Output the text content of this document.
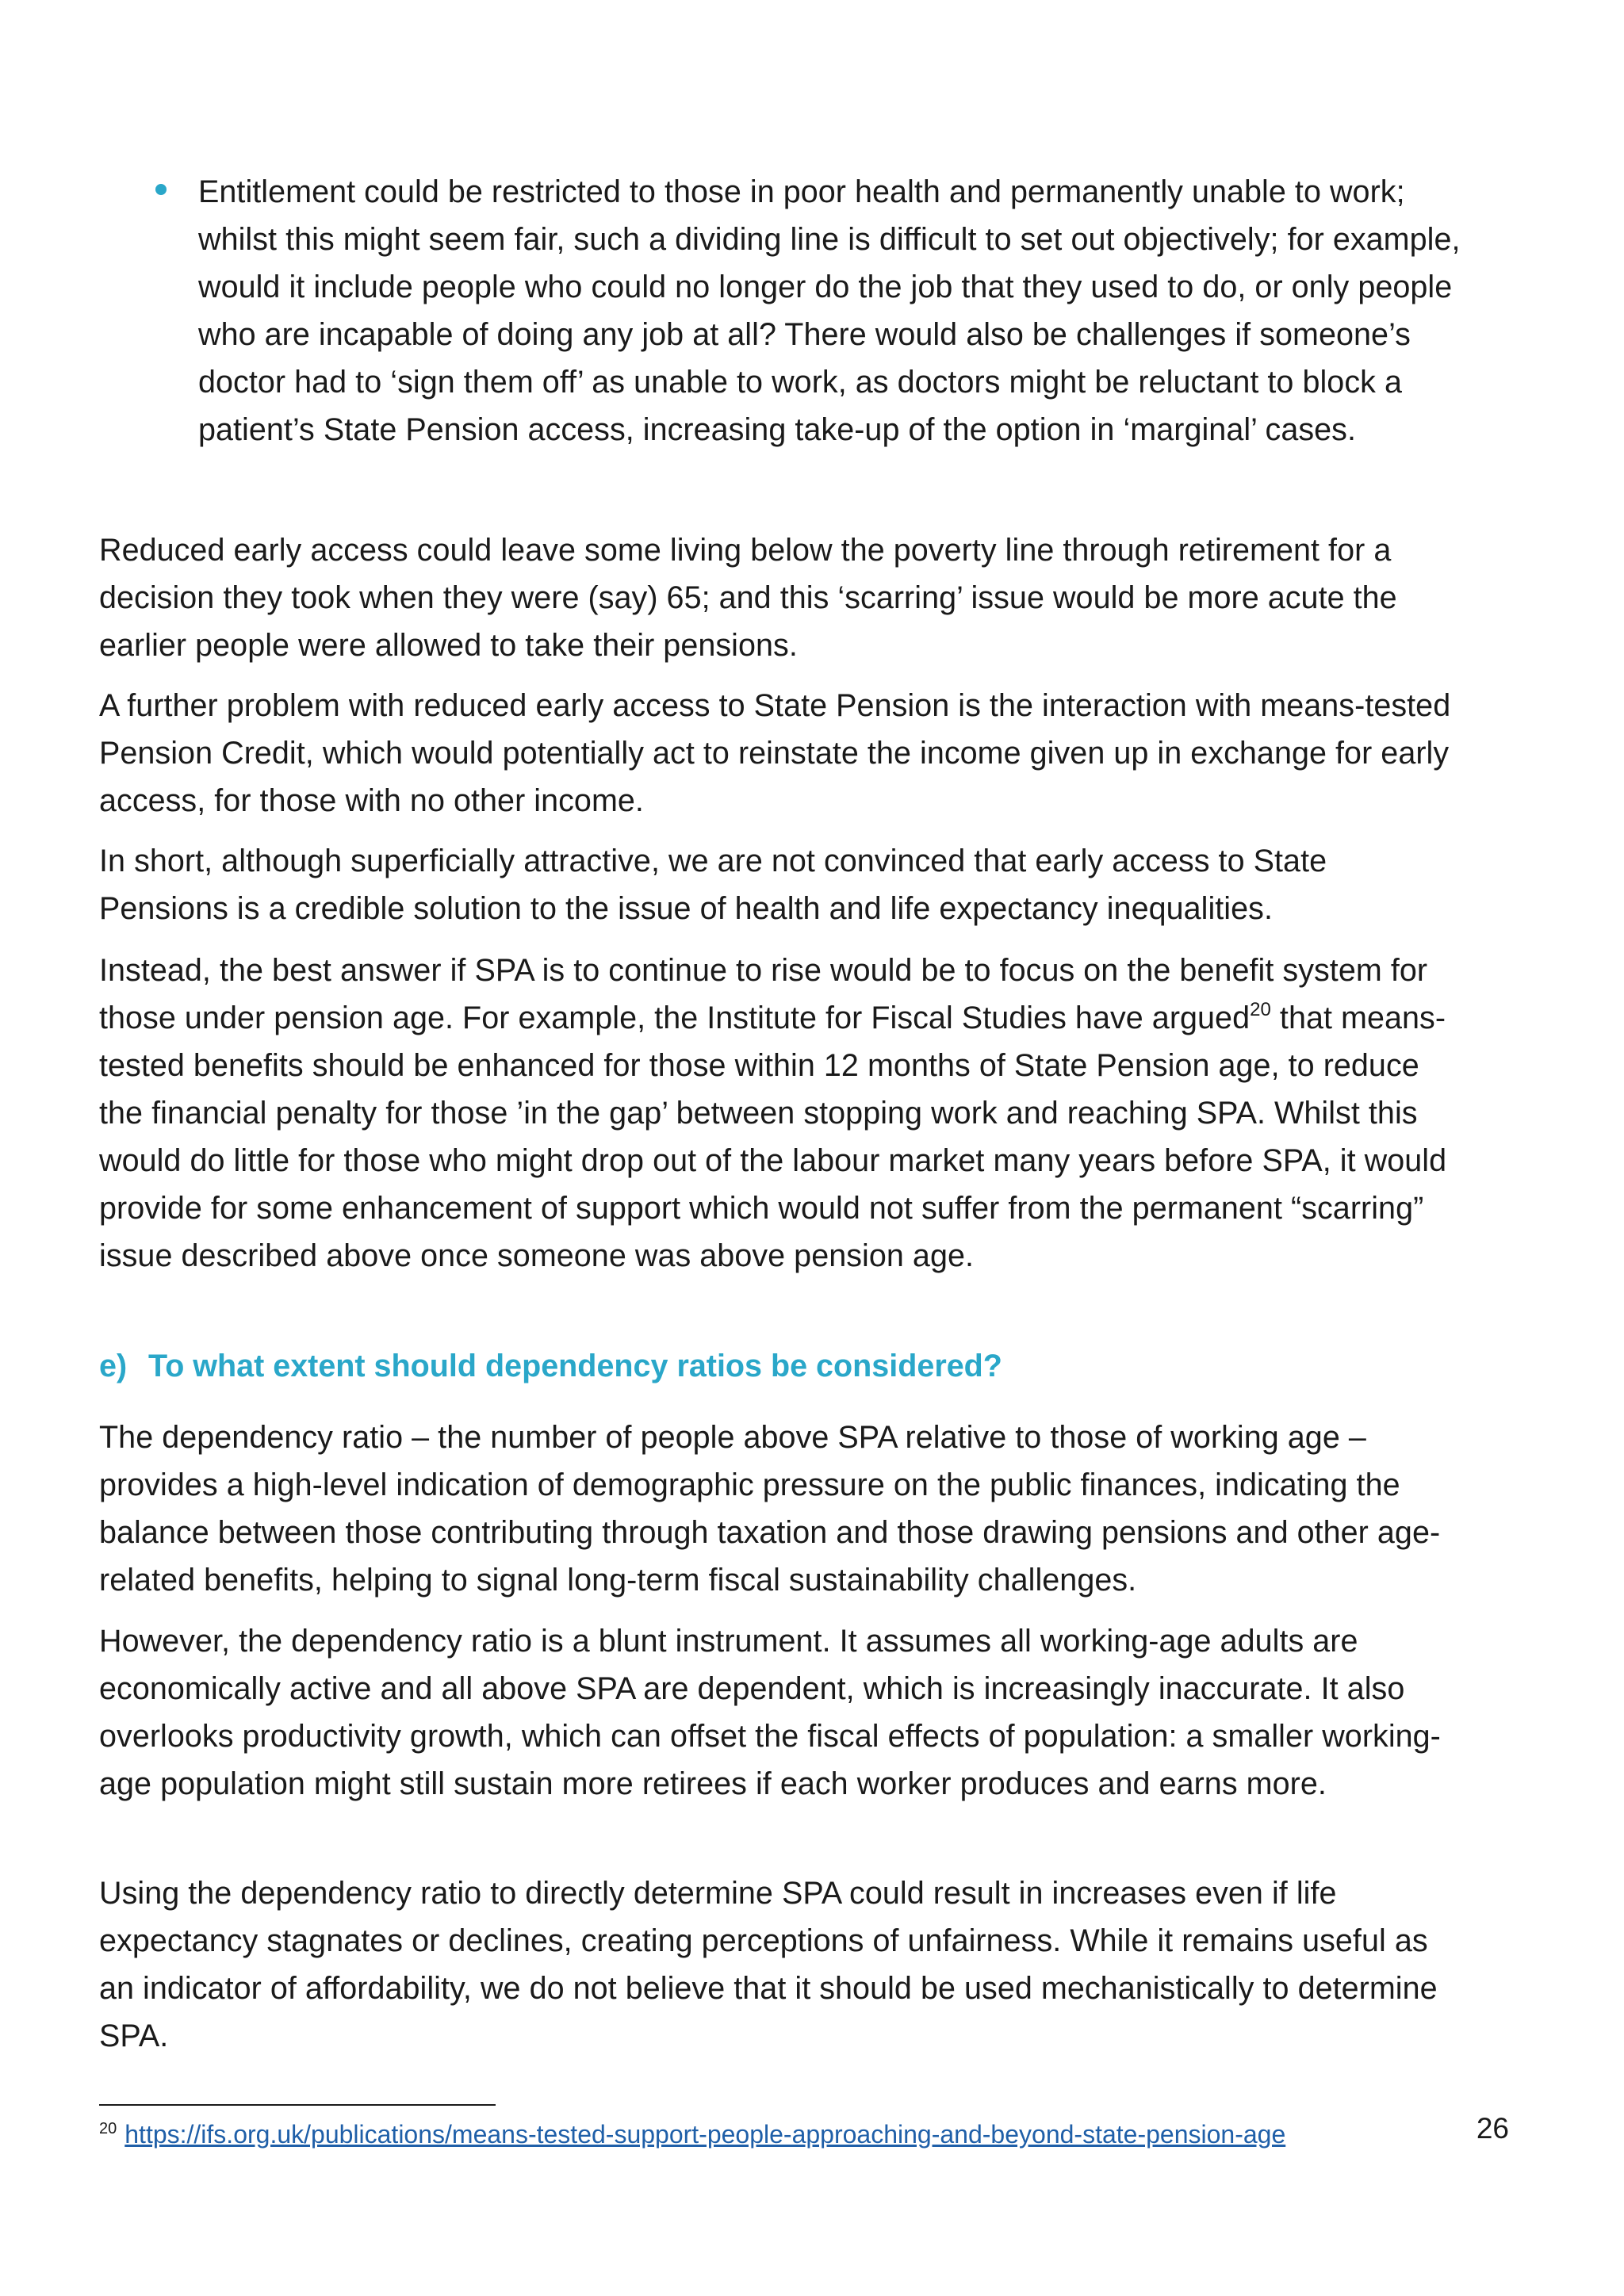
Entitlement could be restricted to those in poor health and permanently unable to work; whilst this might seem fair, such a dividing line is difficult to set out objectively; for example, would it include people who could no longer do the job that they used to do, or only people who are incapable of doing any job at all? There would also be challenges if someone’s doctor had to ‘sign them off’ as unable to work, as doctors might be reluctant to block a patient’s State Pension access, increasing take-up of the option in ‘marginal’ cases.

Reduced early access could leave some living below the poverty line through retirement for a decision they took when they were (say) 65; and this ‘scarring’ issue would be more acute the earlier people were allowed to take their pensions.

A further problem with reduced early access to State Pension is the interaction with means-tested Pension Credit, which would potentially act to reinstate the income given up in exchange for early access, for those with no other income.

In short, although superficially attractive, we are not convinced that early access to State Pensions is a credible solution to the issue of health and life expectancy inequalities.

Instead, the best answer if SPA is to continue to rise would be to focus on the benefit system for those under pension age. For example, the Institute for Fiscal Studies have argued$^{20}$ that means-tested benefits should be enhanced for those within 12 months of State Pension age, to reduce the financial penalty for those ’in the gap’ between stopping work and reaching SPA. Whilst this would do little for those who might drop out of the labour market many years before SPA, it would provide for some enhancement of support which would not suffer from the permanent “scarring” issue described above once someone was above pension age.

e) To what extent should dependency ratios be considered?

The dependency ratio – the number of people above SPA relative to those of working age – provides a high-level indication of demographic pressure on the public finances, indicating the balance between those contributing through taxation and those drawing pensions and other age-related benefits, helping to signal long-term fiscal sustainability challenges.

However, the dependency ratio is a blunt instrument. It assumes all working-age adults are economically active and all above SPA are dependent, which is increasingly inaccurate. It also overlooks productivity growth, which can offset the fiscal effects of population: a smaller working-age population might still sustain more retirees if each worker produces and earns more.

Using the dependency ratio to directly determine SPA could result in increases even if life expectancy stagnates or declines, creating perceptions of unfairness. While it remains useful as an indicator of affordability, we do not believe that it should be used mechanistically to determine SPA.

$^{20}$ https://ifs.org.uk/publications/means-tested-support-people-approaching-and-beyond-state-pension-age	26
